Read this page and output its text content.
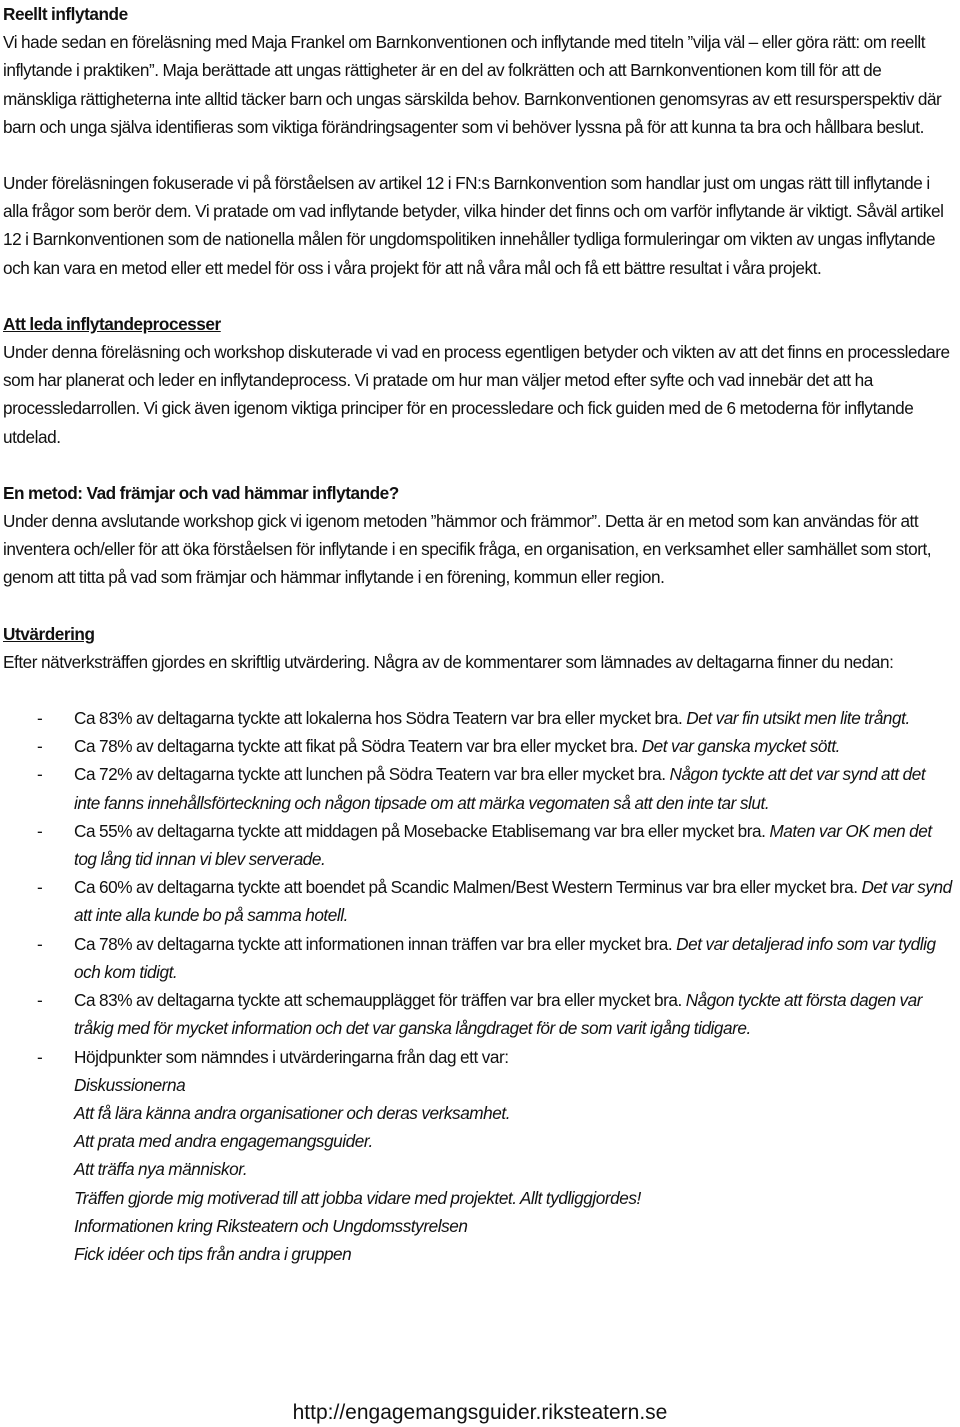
Reellt inflytande

Vi hade sedan en föreläsning med Maja Frankel om Barnkonventionen och inflytande med titeln ”vilja väl – eller göra rätt: om reellt inflytande i praktiken”. Maja berättade att ungas rättigheter är en del av folkrätten och att Barnkonventionen kom till för att de mänskliga rättigheterna inte alltid täcker barn och ungas särskilda behov. Barnkonventionen genomsyras av ett resursperspektiv där barn och unga själva identifieras som viktiga förändringsagenter som vi behöver lyssna på för att kunna ta bra och hållbara beslut.

Under föreläsningen fokuserade vi på förståelsen av artikel 12 i FN:s Barnkonvention som handlar just om ungas rätt till inflytande i alla frågor som berör dem. Vi pratade om vad inflytande betyder, vilka hinder det finns och om varför inflytande är viktigt. Såväl artikel 12 i Barnkonventionen som de nationella målen för ungdomspolitiken innehåller tydliga formuleringar om vikten av ungas inflytande och kan vara en metod eller ett medel för oss i våra projekt för att nå våra mål och få ett bättre resultat i våra projekt.

Att leda inflytandeprocesser

Under denna föreläsning och workshop diskuterade vi vad en process egentligen betyder och vikten av att det finns en processledare som har planerat och leder en inflytandeprocess. Vi pratade om hur man väljer metod efter syfte och vad innebär det att ha processledarrollen. Vi gick även igenom viktiga principer för en processledare och fick guiden med de 6 metoderna för inflytande utdelad.

En metod: Vad främjar och vad hämmar inflytande?

Under denna avslutande workshop gick vi igenom metoden ”hämmor och främmor”. Detta är en metod som kan användas för att inventera och/eller för att öka förståelsen för inflytande i en specifik fråga, en organisation, en verksamhet eller samhället som stort, genom att titta på vad som främjar och hämmar inflytande i en förening, kommun eller region.

Utvärdering

Efter nätverksträffen gjordes en skriftlig utvärdering. Några av de kommentarer som lämnades av deltagarna finner du nedan:

- Ca 83% av deltagarna tyckte att lokalerna hos Södra Teatern var bra eller mycket bra. Det var fin utsikt men lite trångt.
- Ca 78% av deltagarna tyckte att fikat på Södra Teatern var bra eller mycket bra. Det var ganska mycket sött.
- Ca 72% av deltagarna tyckte att lunchen på Södra Teatern var bra eller mycket bra. Någon tyckte att det var synd att det inte fanns innehållsförteckning och någon tipsade om att märka vegomaten så att den inte tar slut.
- Ca 55% av deltagarna tyckte att middagen på Mosebacke Etablisemang var bra eller mycket bra. Maten var OK men det tog lång tid innan vi blev serverade.
- Ca 60% av deltagarna tyckte att boendet på Scandic Malmen/Best Western Terminus var bra eller mycket bra. Det var synd att inte alla kunde bo på samma hotell.
- Ca 78% av deltagarna tyckte att informationen innan träffen var bra eller mycket bra. Det var detaljerad info som var tydlig och kom tidigt.
- Ca 83% av deltagarna tyckte att schemaupplägget för träffen var bra eller mycket bra. Någon tyckte att första dagen var tråkig med för mycket information och det var ganska långdraget för de som varit igång tidigare.
- Höjdpunkter som nämndes i utvärderingarna från dag ett var:

Diskussionerna

Att få lära känna andra organisationer och deras verksamhet.

Att prata med andra engagemangsguider.

Att träffa nya människor.

Träffen gjorde mig motiverad till att jobba vidare med projektet. Allt tydliggjordes!

Informationen kring Riksteatern och Ungdomsstyrelsen

Fick idéer och tips från andra i gruppen

http://engagemangsguider.riksteatern.se
